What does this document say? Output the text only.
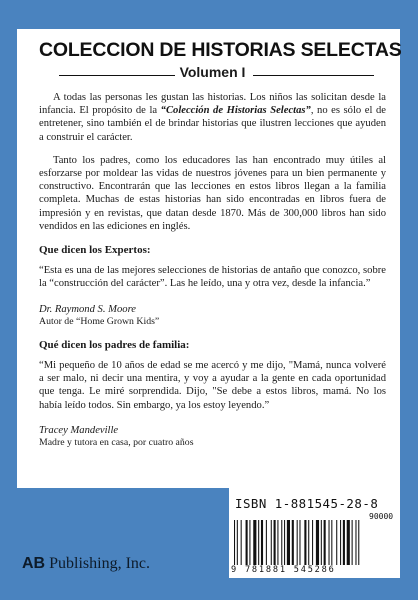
COLECCION DE HISTORIAS SELECTAS
Volumen I

A todas las personas les gustan las historias. Los niños las solicitan desde la infancia. El propósito de la “Colección de Historias Selectas”, no es sólo el de entretener, sino también el de brindar historias que ilustren lecciones que ayuden a construir el carácter.

Tanto los padres, como los educadores las han encontrado muy útiles al esforzarse por moldear las vidas de nuestros jóvenes para un bien permanente y constructivo. Encontrarán que las lecciones en estos libros llegan a la familia completa. Muchas de estas historias han sido encontradas en libros fuera de impresión y en revistas, que datan desde 1870. Más de 300,000 libros han sido vendidos en las ediciones en inglés.

Que dicen los Expertos:

“Esta es una de las mejores selecciones de historias de antaño que conozco, sobre la “construcción del carácter”. Las he leído, una y otra vez, desde la infancia.”

Dr. Raymond S. Moore

Autor de “Home Grown Kids”

Qué dicen los padres de familia:

“Mi pequeño de 10 años de edad se me acercó y me dijo, "Mamá, nunca volveré a ser malo, ni decir una mentira, y voy a ayudar a la gente en cada oportunidad que tenga. Le miré sorprendida. Dijo, "Se debe a estos libros, mamá. No los había leído todos. Sin embargo, ya los estoy leyendo.”

Tracey Mandeville

Madre y tutora en casa, por cuatro años

ISBN 1-881545-28-8
90000
9 781881 545286
AB Publishing, Inc.
